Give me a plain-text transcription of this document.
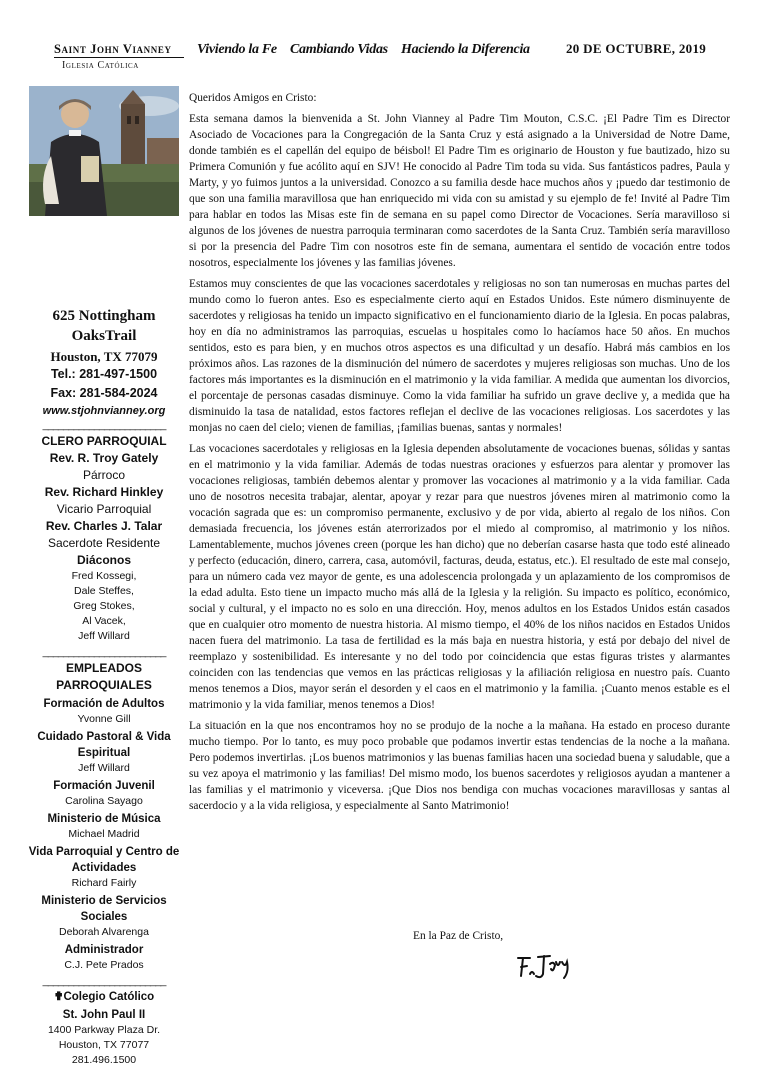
Saint John Vianney
Iglesia Católica
Viviendo la Fe Cambiando Vidas Haciendo la Diferencia	20 DE OCTUBRE, 2019
625 Nottingham OaksTrail
Houston, TX 77079
Tel.: 281-497-1500
Fax: 281-584-2024
www.stjohnvianney.org
________________________
CLERO PARROQUIAL
Rev. R. Troy Gately
Párroco
Rev. Richard Hinkley
Vicario Parroquial
Rev. Charles J. Talar
Sacerdote Residente
Diáconos
Fred Kossegi,
Dale Steffes,
Greg Stokes,
Al Vacek,
Jeff Willard
________________________
EMPLEADOS PARROQUIALES
Formación de Adultos
Yvonne Gill
Cuidado Pastoral & Vida Espiritual
Jeff Willard
Formación Juvenil
Carolina Sayago
Ministerio de Música
Michael Madrid
Vida Parroquial y Centro de Actividades
Richard Fairly
Ministerio de Servicios Sociales
Deborah Alvarenga
Administrador
C.J. Pete Prados
________________________
✟Colegio Católico
St. John Paul II
1400 Parkway Plaza Dr.
Houston, TX 77077
281.496.1500

Queridos Amigos en Cristo:

Esta semana damos la bienvenida a St. John Vianney al Padre Tim Mouton, C.S.C. ¡El Padre Tim es Director Asociado de Vocaciones para la Congregación de la Santa Cruz y está asignado a la Universidad de Notre Dame, donde también es el capellán del equipo de béisbol! El Padre Tim es originario de Houston y fue bautizado, hizo su Primera Comunión y fue acólito aquí en SJV! He conocido al Padre Tim toda su vida. Sus fantásticos padres, Paula y Marty, y yo fuimos juntos a la universidad. Conozco a su familia desde hace muchos años y ¡puedo dar testimonio de que son una familia maravillosa que han enriquecido mi vida con su amistad y su ejemplo de fe! Invité al Padre Tim para hablar en todos las Misas este fin de semana en su papel como Director de Vocaciones. Sería maravilloso si algunos de los jóvenes de nuestra parroquia terminaran como sacerdotes de la Santa Cruz. También sería maravilloso si por la presencia del Padre Tim con nosotros este fin de semana, aumentara el sentido de vocación entre todos nosotros, especialmente los jóvenes y las familias jóvenes.

Estamos muy conscientes de que las vocaciones sacerdotales y religiosas no son tan numerosas en muchas partes del mundo como lo fueron antes. Eso es especialmente cierto aquí en Estados Unidos. Este número disminuyente de sacerdotes y religiosas ha tenido un impacto significativo en el funcionamiento diario de la Iglesia. En pocas palabras, hoy en día no administramos las parroquias, escuelas u hospitales como lo hacíamos hace 50 años. En muchos sentidos, esto es para bien, y en muchos otros aspectos es una dificultad y un desafío. Habrá más cambios en los próximos años. Las razones de la disminución del número de sacerdotes y mujeres religiosas son muchas. Uno de los factores más importantes es la disminución en el matrimonio y la vida familiar. A medida que aumentan los divorcios, el porcentaje de personas casadas disminuye. Como la vida familiar ha sufrido un grave declive y, a medida que ha disminuido la tasa de natalidad, estos factores reflejan el declive de las vocaciones religiosas. Los sacerdotes y las monjas no caen del cielo; vienen de familias, ¡familias buenas, santas y normales!

Las vocaciones sacerdotales y religiosas en la Iglesia dependen absolutamente de vocaciones buenas, sólidas y santas en el matrimonio y la vida familiar. Además de todas nuestras oraciones y esfuerzos para alentar y promover las vocaciones religiosas, también debemos alentar y promover las vocaciones al matrimonio y a la vida familiar. Cada uno de nosotros necesita trabajar, alentar, apoyar y rezar para que nuestros jóvenes miren al matrimonio como la vocación sagrada que es: un compromiso permanente, exclusivo y de por vida, abierto al regalo de los niños. Con demasiada frecuencia, los jóvenes están aterrorizados por el miedo al compromiso, al matrimonio y los niños. Lamentablemente, muchos jóvenes creen (porque les han dicho) que no deberían casarse hasta que todo esté alineado y perfecto (educación, dinero, carrera, casa, automóvil, facturas, deuda, estatus, etc.). El resultado de este mal consejo, para un número cada vez mayor de gente, es una adolescencia prolongada y un aplazamiento de los compromisos de la edad adulta. Esto tiene un impacto mucho más allá de la Iglesia y la religión. Su impacto es político, económico, social y cultural, y el impacto no es solo en una dirección. Hoy, menos adultos en los Estados Unidos están casados que en cualquier otro momento de nuestra historia. Al mismo tiempo, el 40% de los niños nacidos en Estados Unidos nacen fuera del matrimonio. La tasa de fertilidad es la más baja en nuestra historia, y está por debajo del nivel de reemplazo y sostenibilidad. Es interesante y no del todo por coincidencia que estas figuras tristes y alarmantes coinciden con las tendencias que vemos en las prácticas religiosas y la afiliación religiosa en nuestro país. Cuanto menos tenemos a Dios, mayor serán el desorden y el caos en el matrimonio y la familia. ¡Cuanto menos estable es el matrimonio y la vida familiar, menos tenemos a Dios!

La situación en la que nos encontramos hoy no se produjo de la noche a la mañana. Ha estado en proceso durante mucho tiempo. Por lo tanto, es muy poco probable que podamos invertir estas tendencias de la noche a la mañana. Pero podemos invertirlas. ¡Los buenos matrimonios y las buenas familias hacen una sociedad buena y saludable, que a su vez apoya el matrimonio y las familias! Del mismo modo, los buenos sacerdotes y religiosos ayudan a mantener a las familias y el matrimonio y viceversa. ¡Que Dios nos bendiga con muchas vocaciones maravillosas y santas al sacerdocio y a la vida religiosa, y especialmente al Santo Matrimonio!

En la Paz de Cristo,
